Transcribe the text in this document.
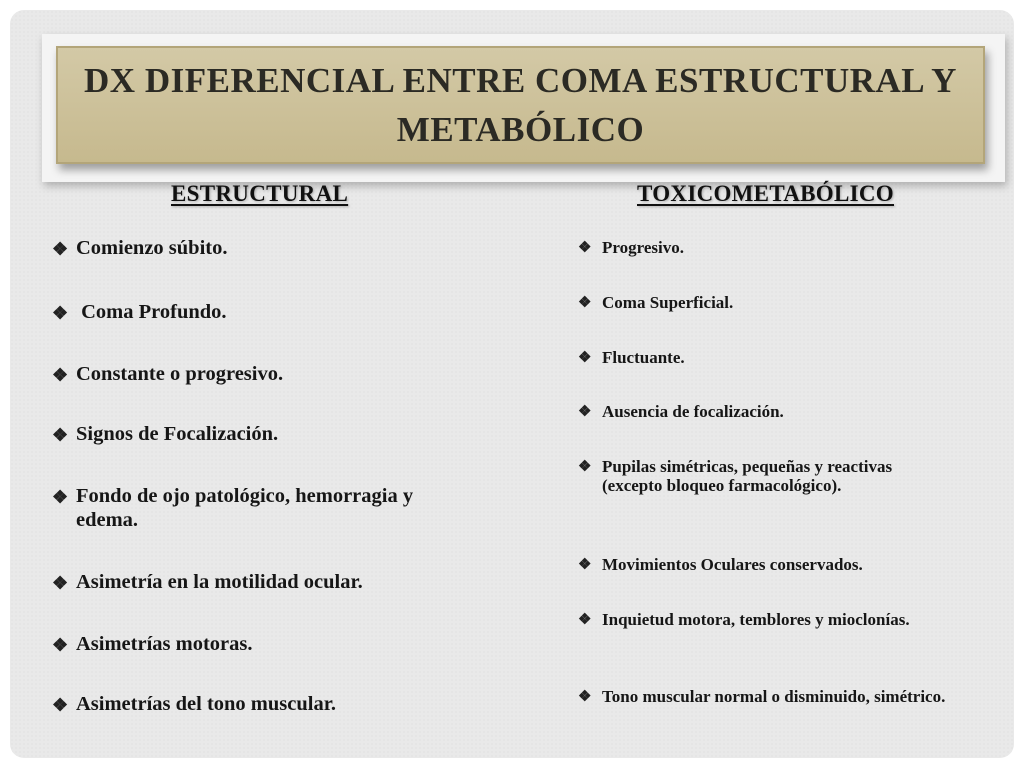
DX DIFERENCIAL ENTRE COMA ESTRUCTURAL Y METABÓLICO
ESTRUCTURAL	TOXICOMETABÓLICO
❖ Comienzo súbito.
❖ Coma Profundo.
❖ Constante o progresivo.
❖ Signos de Focalización.
❖ Fondo de ojo patológico, hemorragia y edema.
❖ Asimetría en la motilidad ocular.
❖ Asimetrías motoras.
❖ Asimetrías del tono muscular.
❖ Progresivo.
❖ Coma Superficial.
❖ Fluctuante.
❖ Ausencia de focalización.
❖ Pupilas simétricas, pequeñas y reactivas (excepto bloqueo farmacológico).
❖ Movimientos Oculares conservados.
❖ Inquietud motora, temblores y mioclonías.
❖ Tono muscular normal o disminuido, simétrico.
